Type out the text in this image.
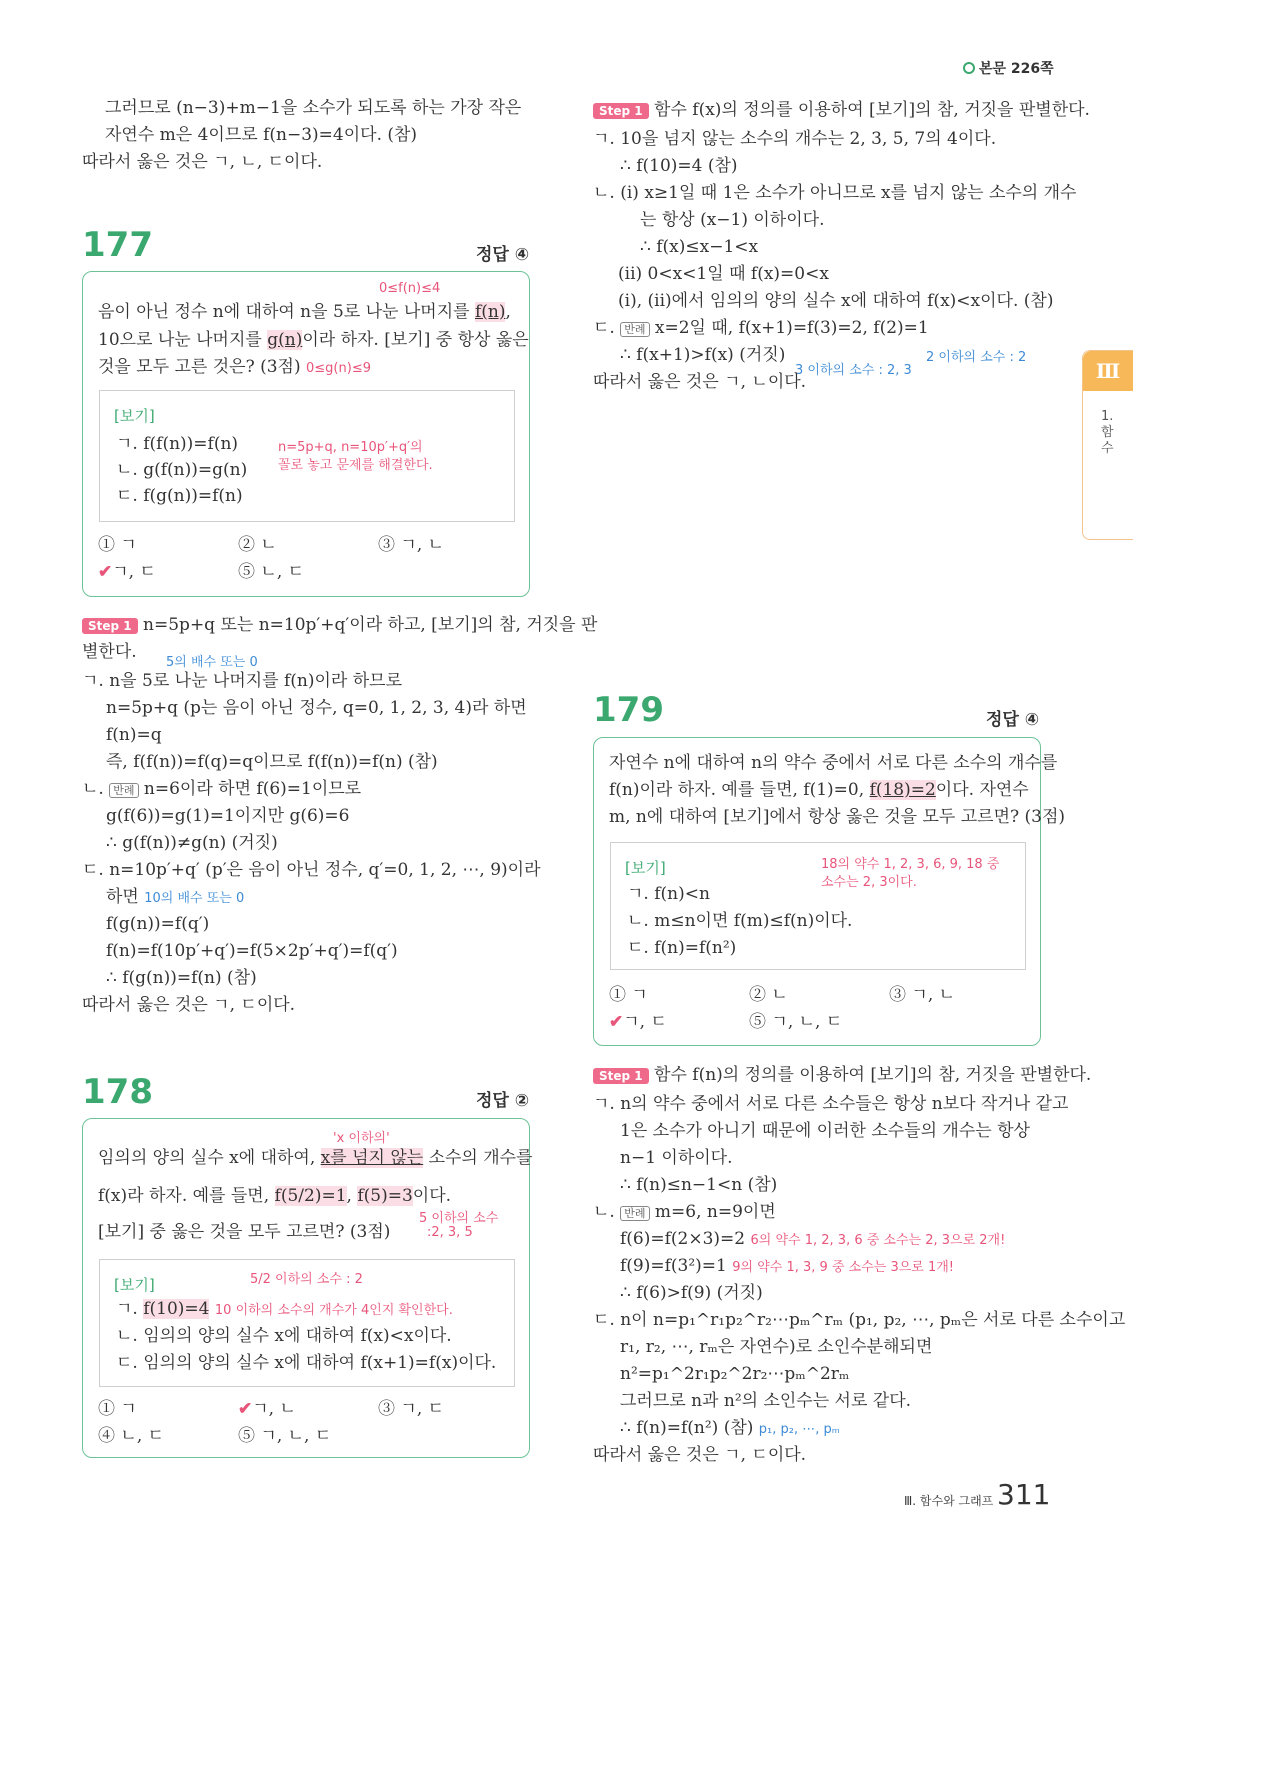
본문 226쪽
그러므로 (n−3)+m−1을 소수가 되도록 하는 가장 작은
자연수 m은 4이므로 f(n−3)=4이다. (참)
따라서 옳은 것은 ㄱ, ㄴ, ㄷ이다.
177	정답 ④
0≤f(n)≤4
음이 아닌 정수 n에 대하여 n을 5로 나눈 나머지를 f(n),
10으로 나눈 나머지를 g(n)이라 하자. [보기] 중 항상 옳은
것을 모두 고른 것은? (3점) 0≤g(n)≤9
[보기]
ㄱ. f(f(n))=f(n)
ㄴ. g(f(n))=g(n)
ㄷ. f(g(n))=f(n)
n=5p+q, n=10p′+q′의
꼴로 놓고 문제를 해결한다.
① ㄱ	② ㄴ	③ ㄱ, ㄴ
✔ㄱ, ㄷ	⑤ ㄴ, ㄷ
Step 1 n=5p+q 또는 n=10p′+q′이라 하고, [보기]의 참, 거짓을 판
별한다.
5의 배수 또는 0
ㄱ. n을 5로 나눈 나머지를 f(n)이라 하므로
n=5p+q (p는 음이 아닌 정수, q=0, 1, 2, 3, 4)라 하면
f(n)=q
즉, f(f(n))=f(q)=q이므로 f(f(n))=f(n) (참)
ㄴ. 반례 n=6이라 하면 f(6)=1이므로
g(f(6))=g(1)=1이지만 g(6)=6
∴ g(f(n))≠g(n) (거짓)
ㄷ. n=10p′+q′ (p′은 음이 아닌 정수, q′=0, 1, 2, ⋯, 9)이라
하면 10의 배수 또는 0
f(g(n))=f(q′)
f(n)=f(10p′+q′)=f(5×2p′+q′)=f(q′)
∴ f(g(n))=f(n) (참)
따라서 옳은 것은 ㄱ, ㄷ이다.
178	정답 ②
'x 이하의'
임의의 양의 실수 x에 대하여, x를 넘지 않는 소수의 개수를
f(x)라 하자. 예를 들면, f(5/2)=1, f(5)=3이다.
5 이하의 소수
:2, 3, 5
[보기] 중 옳은 것을 모두 고르면? (3점)
[보기]	5/2 이하의 소수 : 2
ㄱ. f(10)=4 10 이하의 소수의 개수가 4인지 확인한다.
ㄴ. 임의의 양의 실수 x에 대하여 f(x)<x이다.
ㄷ. 임의의 양의 실수 x에 대하여 f(x+1)=f(x)이다.
① ㄱ	✔ㄱ, ㄴ	③ ㄱ, ㄷ
④ ㄴ, ㄷ	⑤ ㄱ, ㄴ, ㄷ
Step 1 함수 f(x)의 정의를 이용하여 [보기]의 참, 거짓을 판별한다.
ㄱ. 10을 넘지 않는 소수의 개수는 2, 3, 5, 7의 4이다.
∴ f(10)=4 (참)
ㄴ. (i) x≥1일 때 1은 소수가 아니므로 x를 넘지 않는 소수의 개수
는 항상 (x−1) 이하이다.
∴ f(x)≤x−1<x
(ii) 0<x<1일 때 f(x)=0<x
(i), (ii)에서 임의의 양의 실수 x에 대하여 f(x)<x이다. (참)
ㄷ. 반례 x=2일 때, f(x+1)=f(3)=2, f(2)=1
2 이하의 소수 : 2
∴ f(x+1)>f(x) (거짓)
3 이하의 소수 : 2, 3
따라서 옳은 것은 ㄱ, ㄴ이다.
179	정답 ④
자연수 n에 대하여 n의 약수 중에서 서로 다른 소수의 개수를
f(n)이라 하자. 예를 들면, f(1)=0, f(18)=2이다. 자연수
m, n에 대하여 [보기]에서 항상 옳은 것을 모두 고르면? (3점)
[보기]	18의 약수 1, 2, 3, 6, 9, 18 중
소수는 2, 3이다.
ㄱ. f(n)<n
ㄴ. m≤n이면 f(m)≤f(n)이다.
ㄷ. f(n)=f(n²)
① ㄱ	② ㄴ	③ ㄱ, ㄴ
✔ㄱ, ㄷ	⑤ ㄱ, ㄴ, ㄷ
Step 1 함수 f(n)의 정의를 이용하여 [보기]의 참, 거짓을 판별한다.
ㄱ. n의 약수 중에서 서로 다른 소수들은 항상 n보다 작거나 같고
1은 소수가 아니기 때문에 이러한 소수들의 개수는 항상
n−1 이하이다.
∴ f(n)≤n−1<n (참)
ㄴ. 반례 m=6, n=9이면
f(6)=f(2×3)=2 6의 약수 1, 2, 3, 6 중 소수는 2, 3으로 2개!
f(9)=f(3²)=1 9의 약수 1, 3, 9 중 소수는 3으로 1개!
∴ f(6)>f(9) (거짓)
ㄷ. n이 n=p₁^r₁p₂^r₂⋯pₘ^rₘ (p₁, p₂, ⋯, pₘ은 서로 다른 소수이고
r₁, r₂, ⋯, rₘ은 자연수)로 소인수분해되면
n²=p₁^2r₁p₂^2r₂⋯pₘ^2rₘ
그러므로 n과 n²의 소인수는 서로 같다.
∴ f(n)=f(n²) (참) p₁, p₂, ⋯, pₘ
따라서 옳은 것은 ㄱ, ㄷ이다.
Ⅲ
1. 함수
Ⅲ. 함수와 그래프 311
